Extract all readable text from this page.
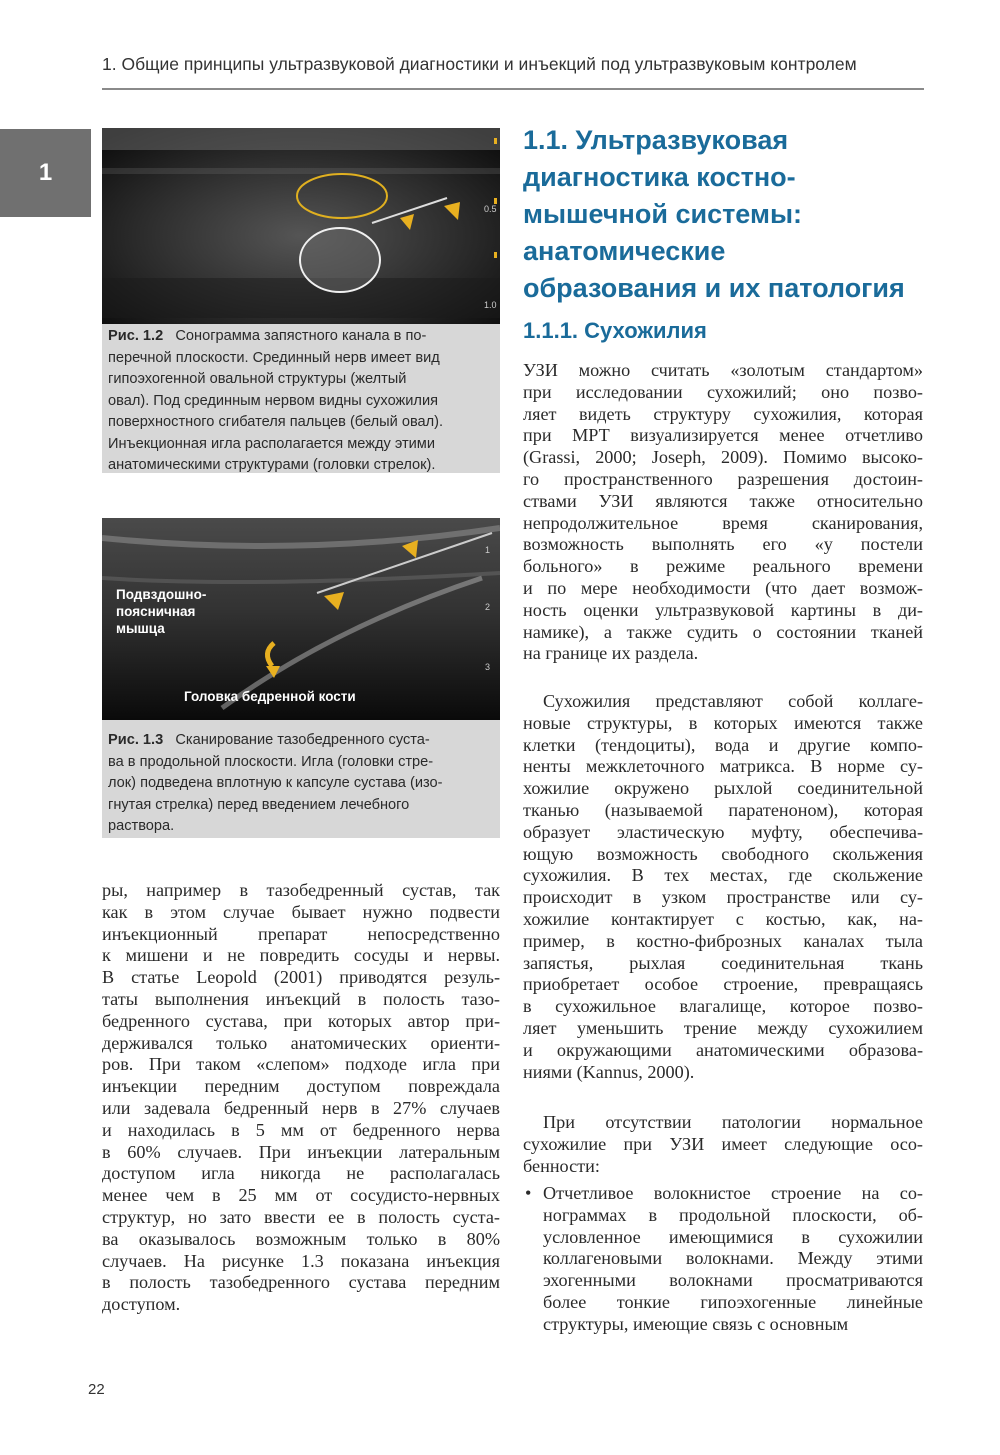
1. Общие принципы ультразвуковой диагностики и инъекций под ультразвуковым контролем
1
0.5
1.0
Рис. 1.2 Сонограмма запястного канала в по-
перечной плоскости. Срединный нерв имеет вид
гипоэхогенной овальной структуры (желтый
овал). Под срединным нервом видны сухожилия
поверхностного сгибателя пальцев (белый овал).
Инъекционная игла располагается между этими
анатомическими структурами (головки стрелок).
1
2
3
Подвздошно-
поясничная
мышца
Головка бедренной кости
Рис. 1.3 Сканирование тазобедренного суста-
ва в продольной плоскости. Игла (головки стре-
лок) подведена вплотную к капсуле сустава (изо-
гнутая стрелка) перед введением лечебного
раствора.
ры, например в тазобедренный сустав, так
как в этом случае бывает нужно подвести
инъекционный препарат непосредственно
к мишени и не повредить сосуды и нервы.
В статье Leopold (2001) приводятся резуль-
таты выполнения инъекций в полость тазо-
бедренного сустава, при которых автор при-
держивался только анатомических ориенти-
ров. При таком «слепом» подходе игла при
инъекции передним доступом повреждала
или задевала бедренный нерв в 27% случаев
и находилась в 5 мм от бедренного нерва
в 60% случаев. При инъекции латеральным
доступом игла никогда не располагалась
менее чем в 25 мм от сосудисто-нервных
структур, но зато ввести ее в полость суста-
ва оказывалось возможным только в 80%
случаев. На рисунке 1.3 показана инъекция
в полость тазобедренного сустава передним
доступом.
1.1. Ультразвуковая
диагностика костно-
мышечной системы:
анатомические
образования и их патология
1.1.1. Сухожилия
УЗИ можно считать «золотым стандартом»
при исследовании сухожилий; оно позво-
ляет видеть структуру сухожилия, которая
при МРТ визуализируется менее отчетливо
(Grassi, 2000; Joseph, 2009). Помимо высоко-
го пространственного разрешения достоин-
ствами УЗИ являются также относительно
непродолжительное время сканирования,
возможность выполнять его «у постели
больного» в режиме реального времени
и по мере необходимости (что дает возмож-
ность оценки ультразвуковой картины в ди-
намике), а также судить о состоянии тканей
на границе их раздела.
Сухожилия представляют собой коллаге-
новые структуры, в которых имеются также
клетки (тендоциты), вода и другие компо-
ненты межклеточного матрикса. В норме су-
хожилие окружено рыхлой соединительной
тканью (называемой паратеноном), которая
образует эластическую муфту, обеспечива-
ющую возможность свободного скольжения
сухожилия. В тех местах, где скольжение
происходит в узком пространстве или су-
хожилие контактирует с костью, как, на-
пример, в костно-фиброзных каналах тыла
запястья, рыхлая соединительная ткань
приобретает особое строение, превращаясь
в сухожильное влагалище, которое позво-
ляет уменьшить трение между сухожилием
и окружающими анатомическими образова-
ниями (Kannus, 2000).
При отсутствии патологии нормальное
сухожилие при УЗИ имеет следующие осо-
бенности:
Отчетливое волокнистое строение на со-
•
нограммах в продольной плоскости, об-
условленное имеющимися в сухожилии
коллагеновыми волокнами. Между этими
эхогенными волокнами просматриваются
более тонкие гипоэхогенные линейные
структуры, имеющие связь с основным
22
